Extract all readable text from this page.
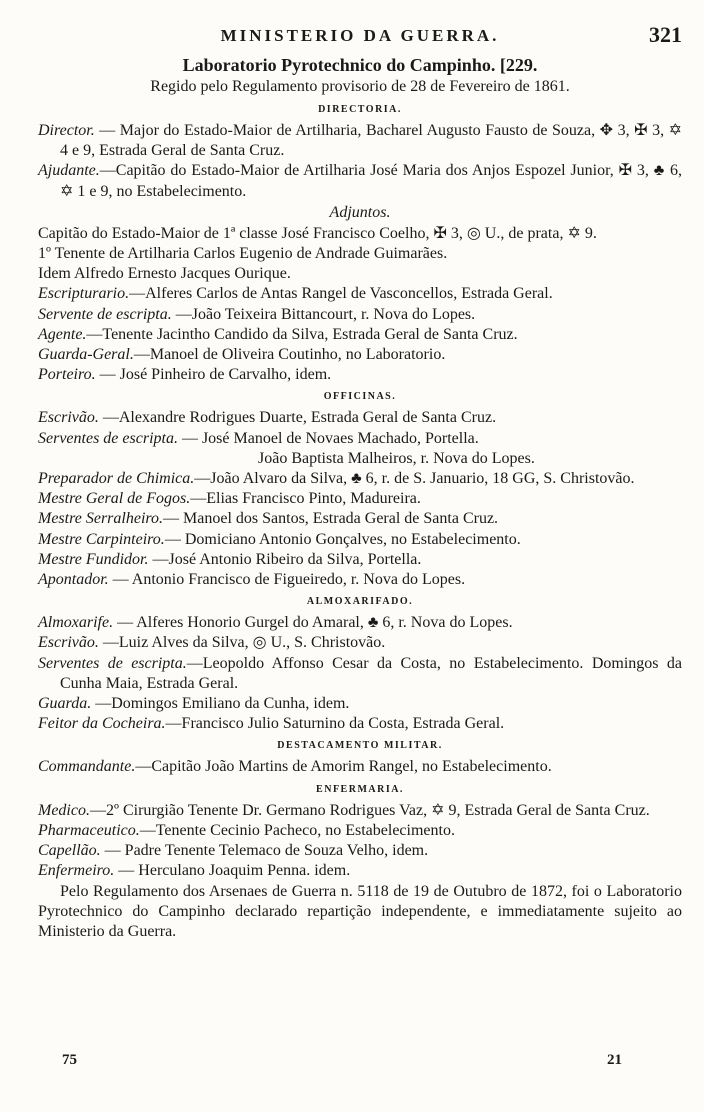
MINISTERIO DA GUERRA.	321
Laboratorio Pyrotechnico do Campinho. [229.
Regido pelo Regulamento provisorio de 28 de Fevereiro de 1861.
DIRECTORIA.

Director. — Major do Estado-Maior de Artilharia, Bacharel Augusto Fausto de Souza, ✥ 3, ✠ 3, ✡ 4 e 9, Estrada Geral de Santa Cruz.

Ajudante.—Capitão do Estado-Maior de Artilharia José Maria dos Anjos Espozel Junior, ✠ 3, ♣ 6, ✡ 1 e 9, no Estabelecimento.

Adjuntos.

Capitão do Estado-Maior de 1ª classe José Francisco Coelho, ✠ 3, ◎ U., de prata, ✡ 9.

1º Tenente de Artilharia Carlos Eugenio de Andrade Guimarães.

Idem Alfredo Ernesto Jacques Ourique.

Escripturario.—Alferes Carlos de Antas Rangel de Vasconcellos, Estrada Geral.

Servente de escripta. —João Teixeira Bittancourt, r. Nova do Lopes.

Agente.—Tenente Jacintho Candido da Silva, Estrada Geral de Santa Cruz.

Guarda-Geral.—Manoel de Oliveira Coutinho, no Laboratorio.

Porteiro. — José Pinheiro de Carvalho, idem.

OFFICINAS.

Escrivão. —Alexandre Rodrigues Duarte, Estrada Geral de Santa Cruz.

Serventes de escripta. — José Manoel de Novaes Machado, Portella.

João Baptista Malheiros, r. Nova do Lopes.

Preparador de Chimica.—João Alvaro da Silva, ♣ 6, r. de S. Januario, 18 GG, S. Christovão.

Mestre Geral de Fogos.—Elias Francisco Pinto, Madureira.

Mestre Serralheiro.— Manoel dos Santos, Estrada Geral de Santa Cruz.

Mestre Carpinteiro.— Domiciano Antonio Gonçalves, no Estabelecimento.

Mestre Fundidor. —José Antonio Ribeiro da Silva, Portella.

Apontador. — Antonio Francisco de Figueiredo, r. Nova do Lopes.

ALMOXARIFADO.

Almoxarife. — Alferes Honorio Gurgel do Amaral, ♣ 6, r. Nova do Lopes.

Escrivão. —Luiz Alves da Silva, ◎ U., S. Christovão.

Serventes de escripta.—Leopoldo Affonso Cesar da Costa, no Estabelecimento. Domingos da Cunha Maia, Estrada Geral.

Guarda. —Domingos Emiliano da Cunha, idem.

Feitor da Cocheira.—Francisco Julio Saturnino da Costa, Estrada Geral.

DESTACAMENTO MILITAR.

Commandante.—Capitão João Martins de Amorim Rangel, no Estabelecimento.

ENFERMARIA.

Medico.—2º Cirurgião Tenente Dr. Germano Rodrigues Vaz, ✡ 9, Estrada Geral de Santa Cruz.

Pharmaceutico.—Tenente Cecinio Pacheco, no Estabelecimento.

Capellão. — Padre Tenente Telemaco de Souza Velho, idem.

Enfermeiro. — Herculano Joaquim Penna. idem.

Pelo Regulamento dos Arsenaes de Guerra n. 5118 de 19 de Outubro de 1872, foi o Laboratorio Pyrotechnico do Campinho declarado repartição independente, e immediatamente sujeito ao Ministerio da Guerra.

75	21
